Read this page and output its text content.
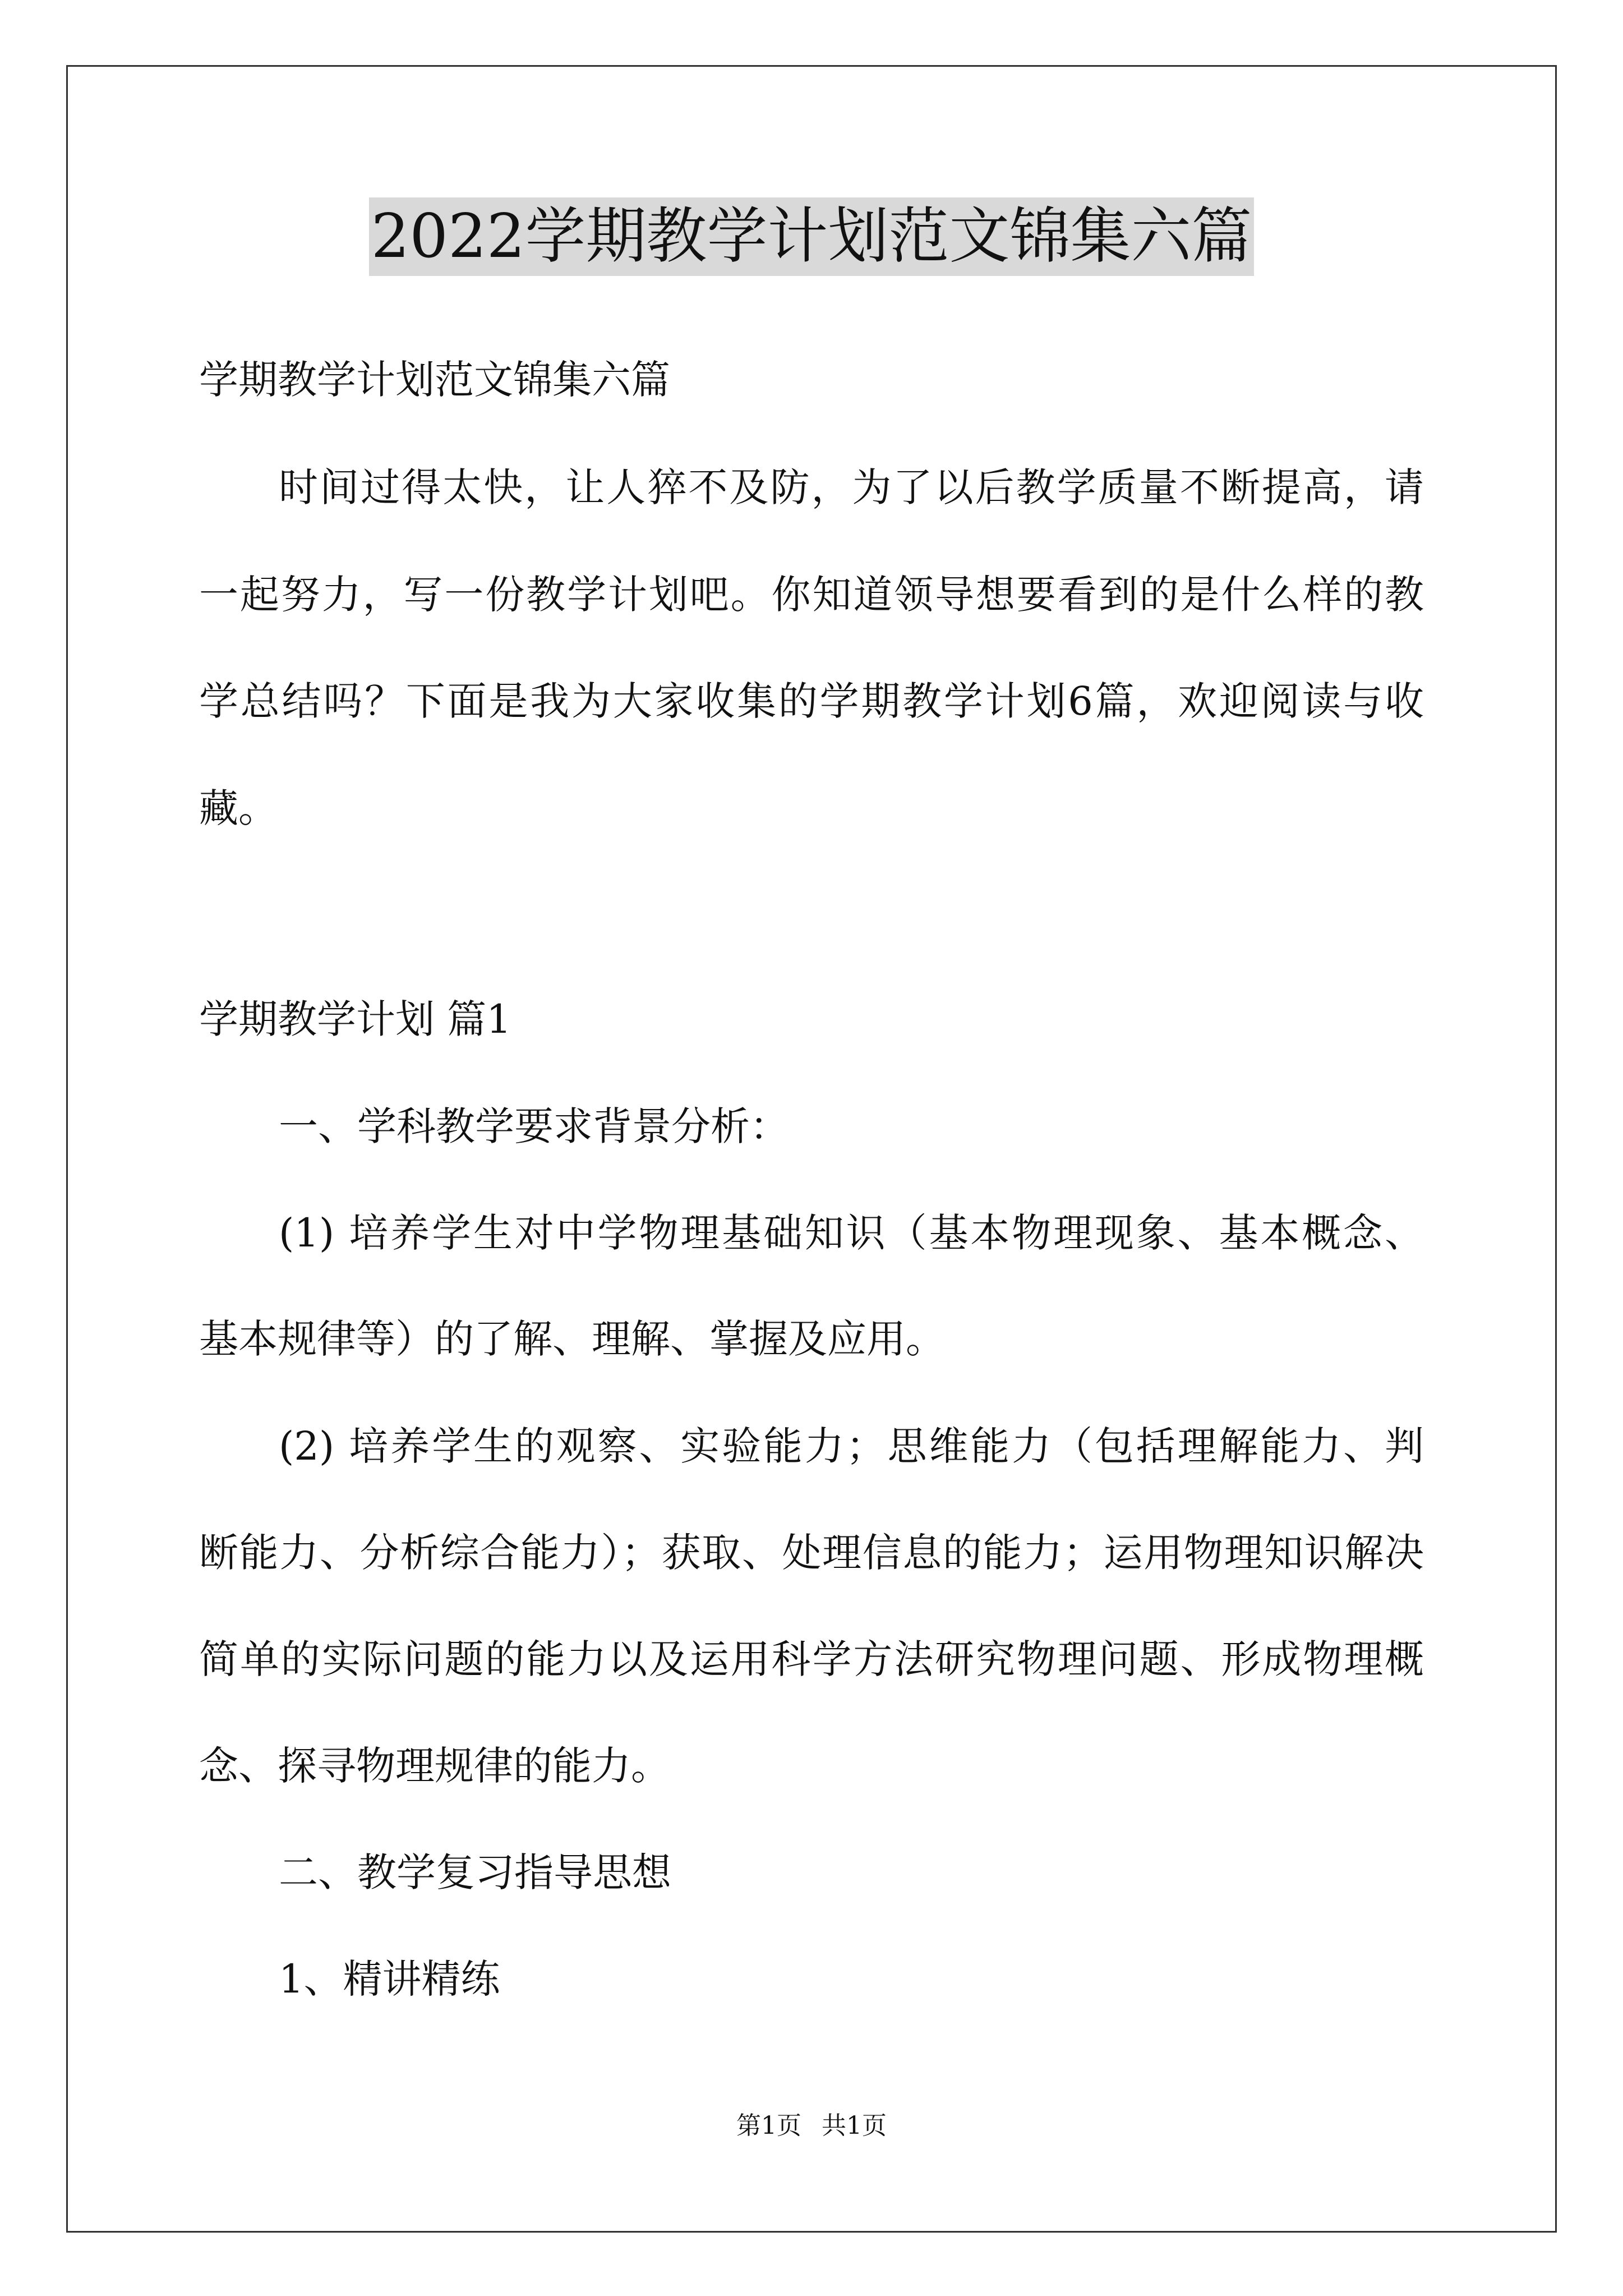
2022学期教学计划范文锦集六篇
学期教学计划范文锦集六篇
时间过得太快，让人猝不及防，为了以后教学质量不断提高，请
一起努力，写一份教学计划吧。你知道领导想要看到的是什么样的教
学总结吗？下面是我为大家收集的学期教学计划6篇，欢迎阅读与收
藏。
学期教学计划 篇1
一、学科教学要求背景分析：
(1) 培养学生对中学物理基础知识（基本物理现象、基本概念、
基本规律等）的了解、理解、掌握及应用。
(2) 培养学生的观察、实验能力；思维能力（包括理解能力、判
断能力、分析综合能力）；获取、处理信息的能力；运用物理知识解决
简单的实际问题的能力以及运用科学方法研究物理问题、形成物理概
念、探寻物理规律的能力。
二、教学复习指导思想
1、精讲精练
第1页 共1页
